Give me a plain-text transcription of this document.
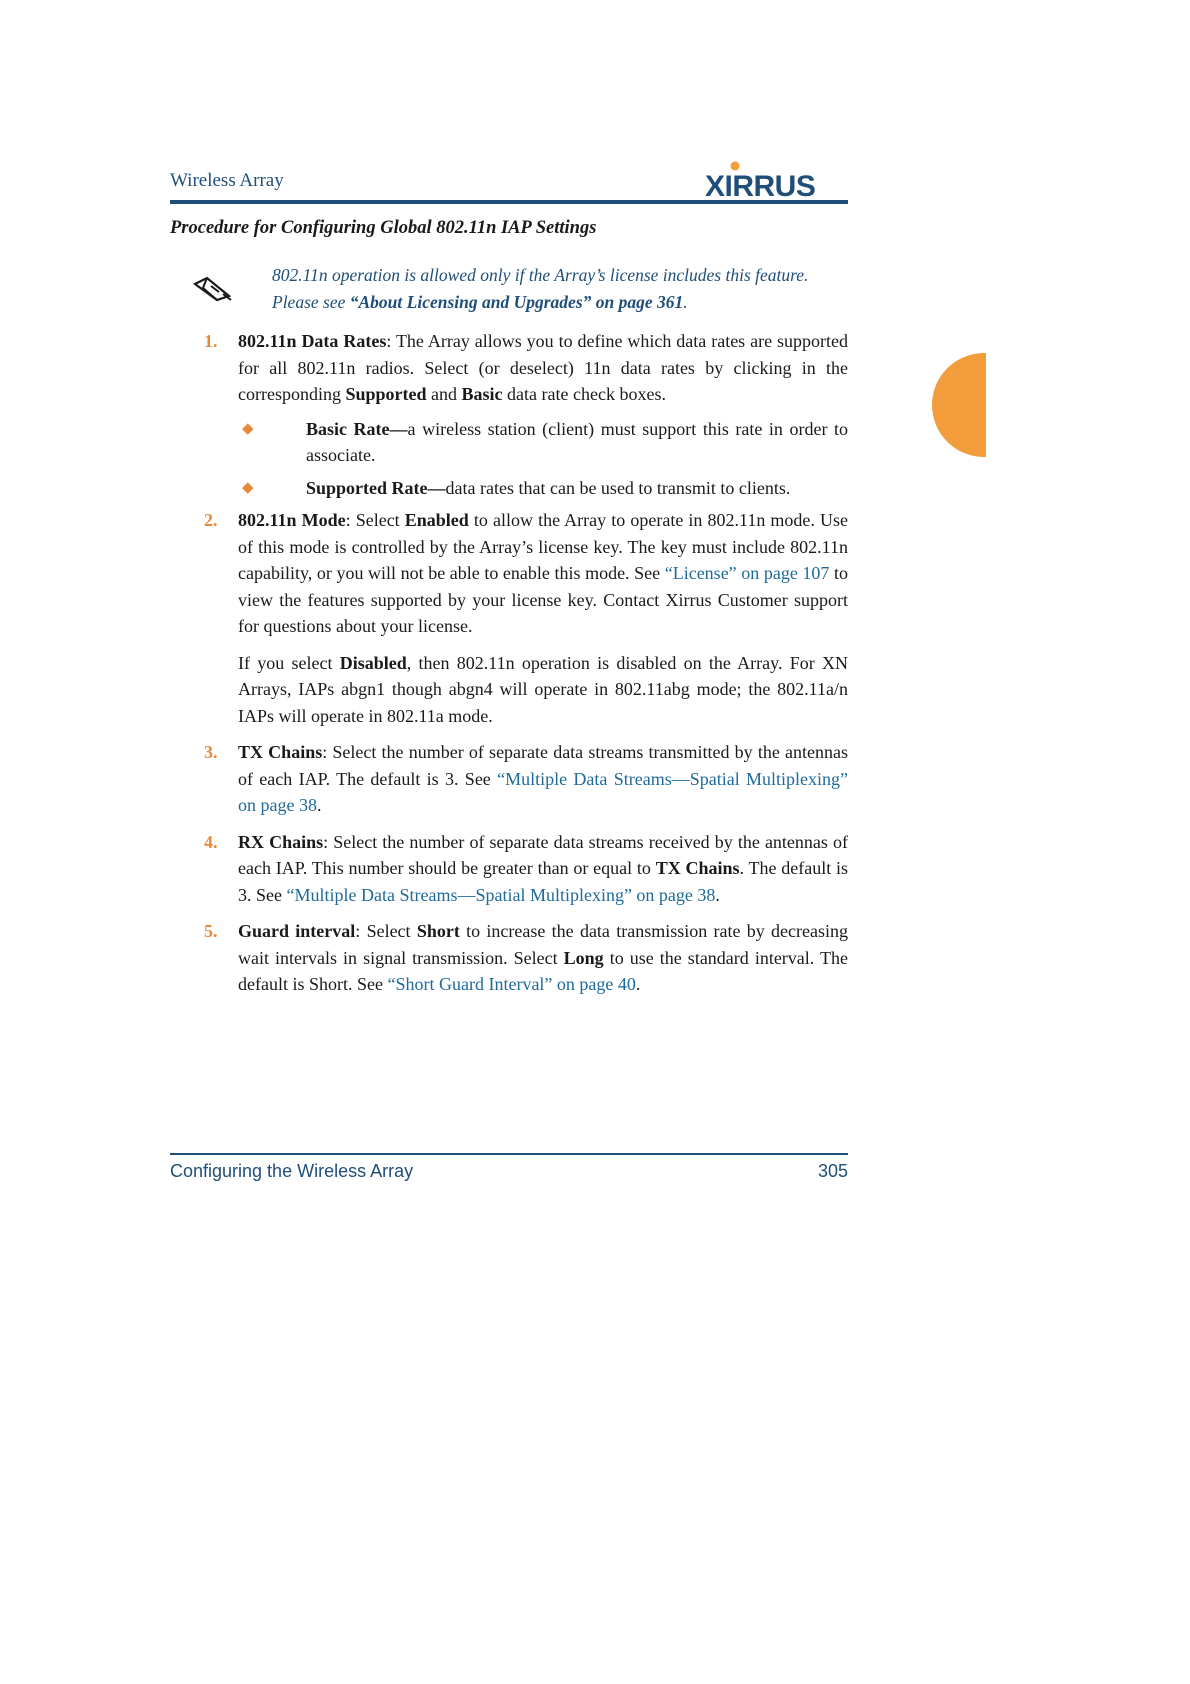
Wireless Array	XIRRUS
Procedure for Configuring Global 802.11n IAP Settings
802.11n operation is allowed only if the Array’s license includes this feature.
Please see “About Licensing and Upgrades” on page 361.
1. 802.11n Data Rates: The Array allows you to define which data rates are supported for all 802.11n radios. Select (or deselect) 11n data rates by clicking in the corresponding Supported and Basic data rate check boxes.
◆	Basic Rate—a wireless station (client) must support this rate in order to associate.
◆	Supported Rate—data rates that can be used to transmit to clients.
2. 802.11n Mode: Select Enabled to allow the Array to operate in 802.11n mode. Use of this mode is controlled by the Array’s license key. The key must include 802.11n capability, or you will not be able to enable this mode. See “License” on page 107 to view the features supported by your license key. Contact Xirrus Customer support for questions about your license.
If you select Disabled, then 802.11n operation is disabled on the Array. For XN Arrays, IAPs abgn1 though abgn4 will operate in 802.11abg mode; the 802.11a/n IAPs will operate in 802.11a mode.
3. TX Chains: Select the number of separate data streams transmitted by the antennas of each IAP. The default is 3. See “Multiple Data Streams—Spatial Multiplexing” on page 38.
4. RX Chains: Select the number of separate data streams received by the antennas of each IAP. This number should be greater than or equal to TX Chains. The default is 3. See “Multiple Data Streams—Spatial Multiplexing” on page 38.
5. Guard interval: Select Short to increase the data transmission rate by decreasing wait intervals in signal transmission. Select Long to use the standard interval. The default is Short. See “Short Guard Interval” on page 40.
Configuring the Wireless Array	305
